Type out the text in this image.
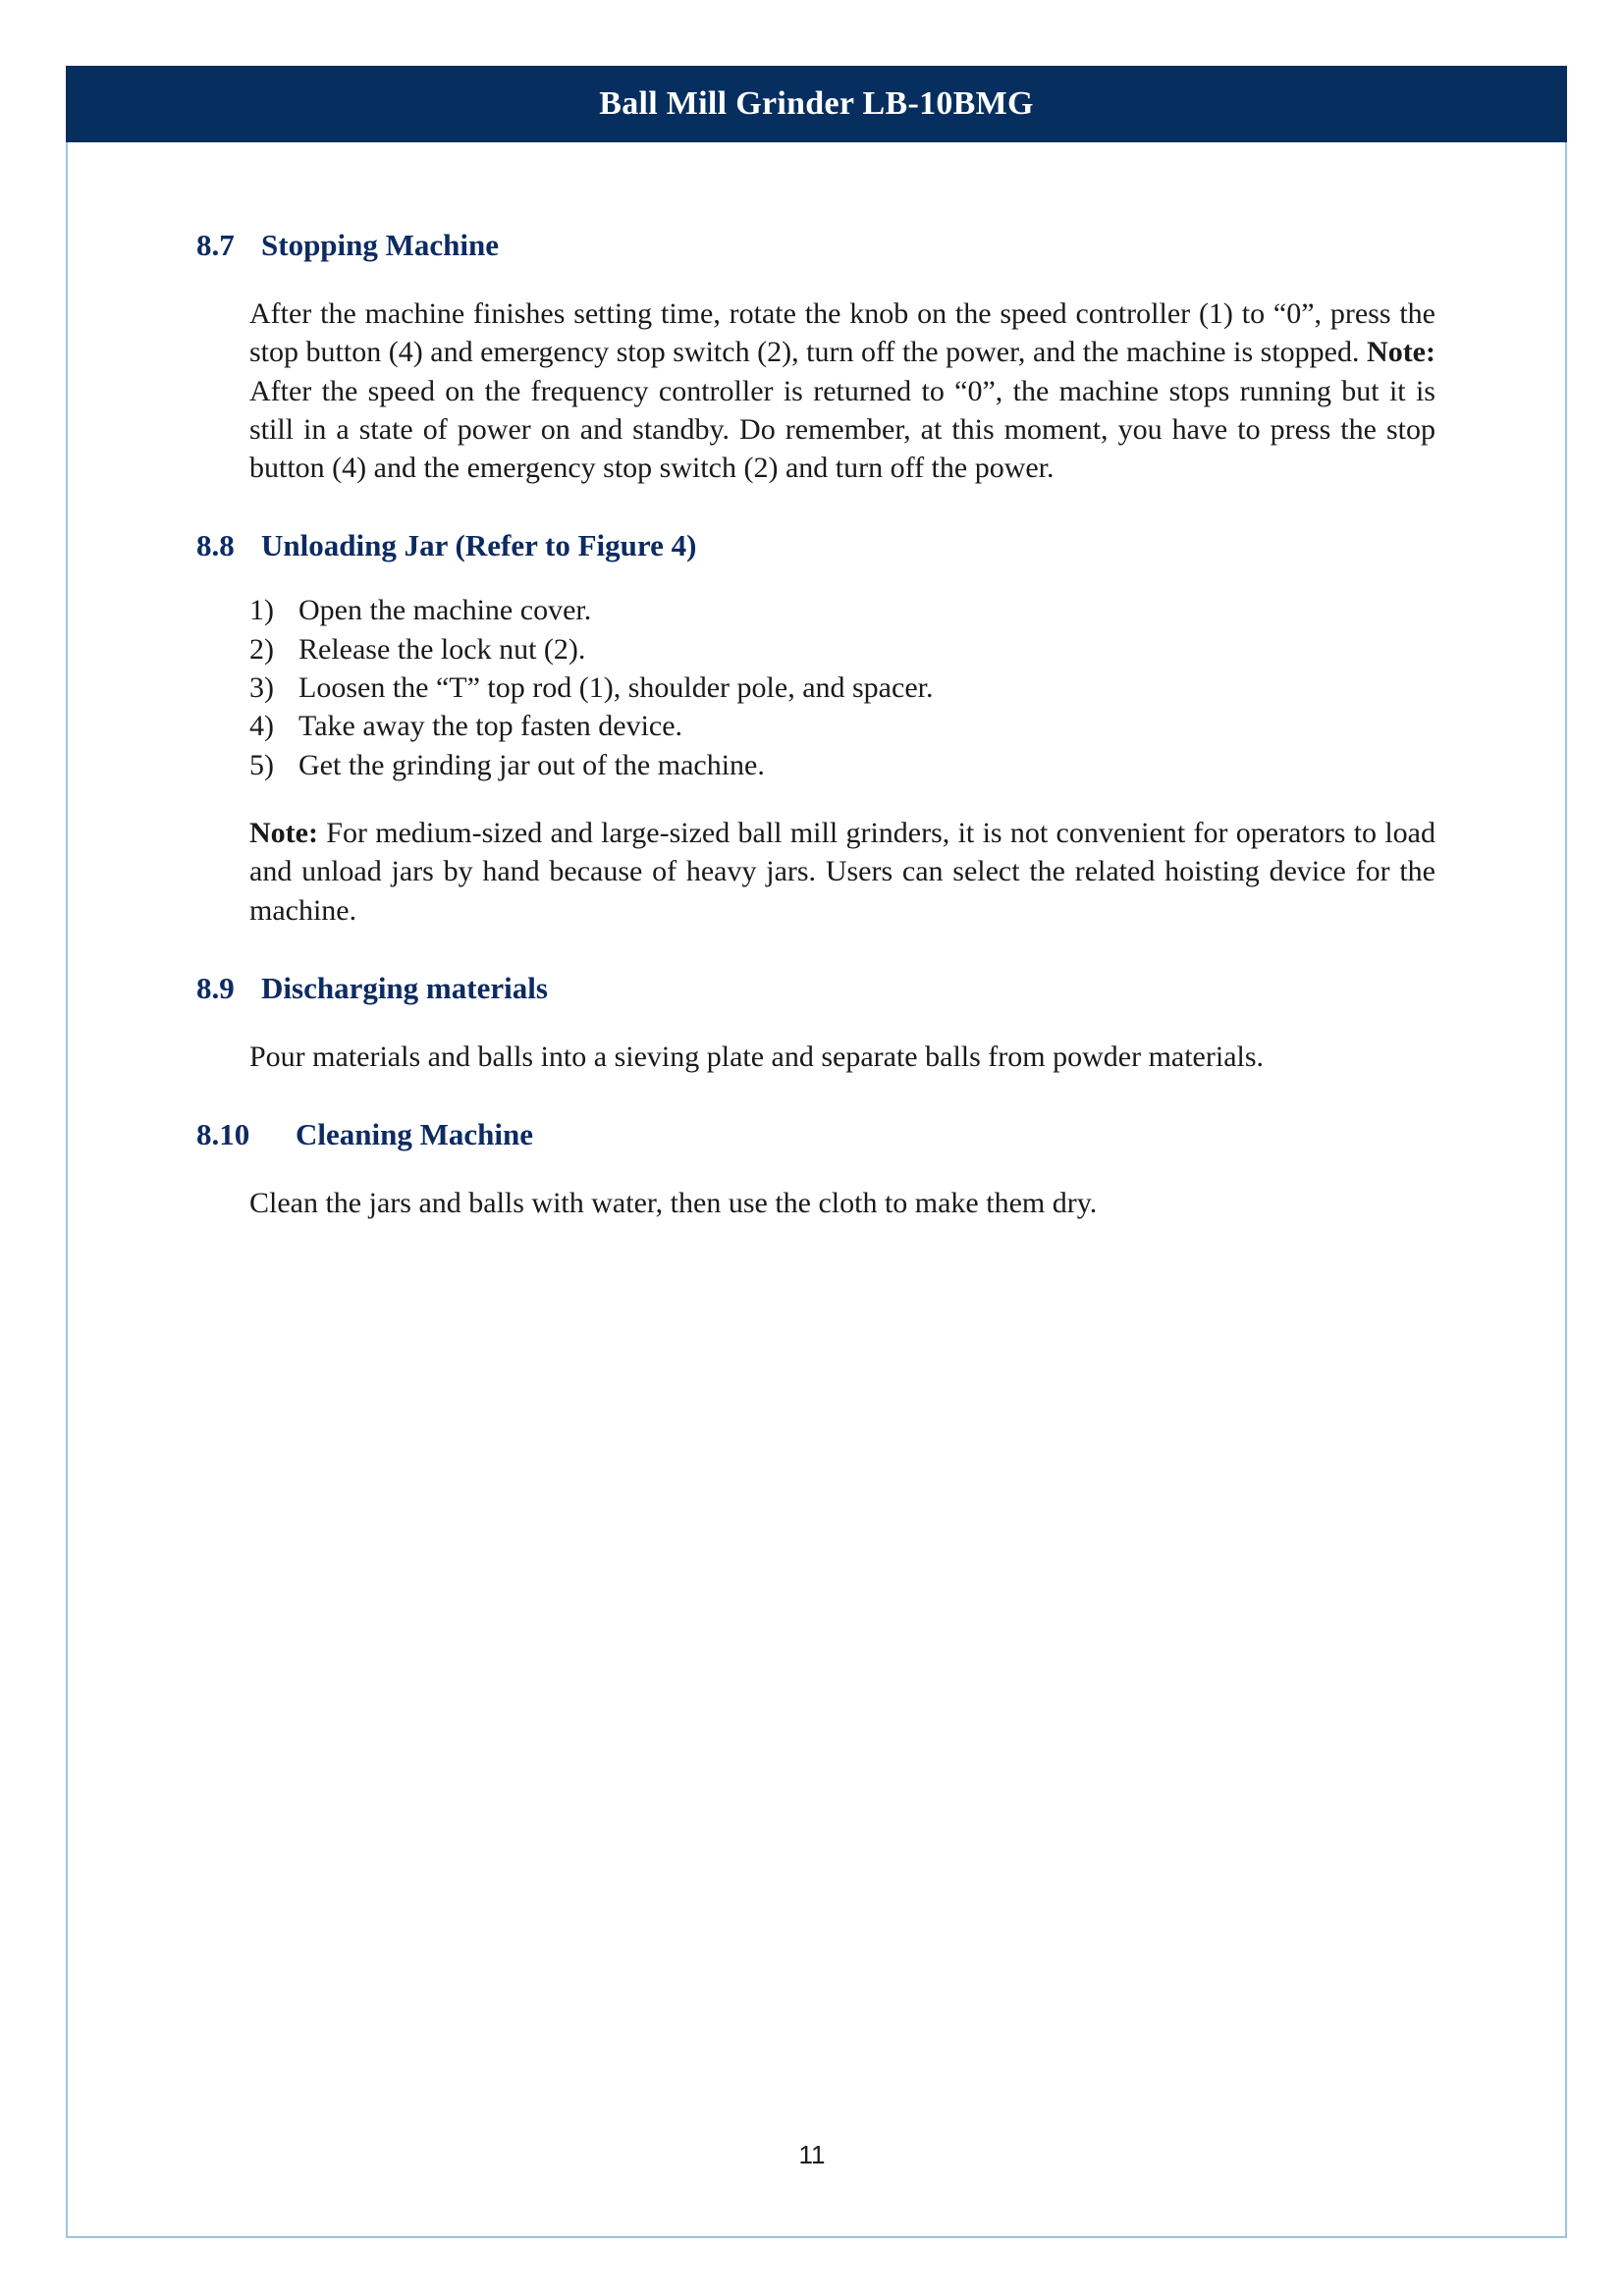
Ball Mill Grinder LB-10BMG
8.7 Stopping Machine

After the machine finishes setting time, rotate the knob on the speed controller (1) to “0”, press the stop button (4) and emergency stop switch (2), turn off the power, and the machine is stopped. Note: After the speed on the frequency controller is returned to “0”, the machine stops running but it is still in a state of power on and standby. Do remember, at this moment, you have to press the stop button (4) and the emergency stop switch (2) and turn off the power.

8.8 Unloading Jar (Refer to Figure 4)
1) Open the machine cover.
2) Release the lock nut (2).
3) Loosen the “T” top rod (1), shoulder pole, and spacer.
4) Take away the top fasten device.
5) Get the grinding jar out of the machine.

Note: For medium-sized and large-sized ball mill grinders, it is not convenient for operators to load and unload jars by hand because of heavy jars. Users can select the related hoisting device for the machine.

8.9 Discharging materials

Pour materials and balls into a sieving plate and separate balls from powder materials.

8.10	Cleaning Machine

Clean the jars and balls with water, then use the cloth to make them dry.

11
